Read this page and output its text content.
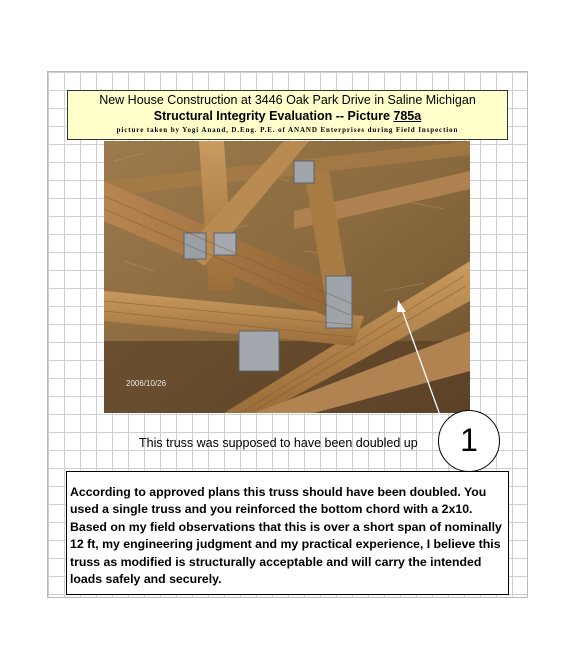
New House Construction at 3446 Oak Park Drive in Saline Michigan
Structural Integrity Evaluation -- Picture 785a
picture taken by Yogi Anand, D.Eng. P.E. of ANAND Enterprises during Field Inspection
2006/10/26
This truss was supposed to have been doubled up	1
According to approved plans this truss should have been doubled. You used a single truss and you reinforced the bottom chord with a 2x10. Based on my field observations that this is over a short span of nominally 12 ft, my engineering judgment and my practical experience, I believe this truss as modified is structurally acceptable and will carry the intended loads safely and securely.
